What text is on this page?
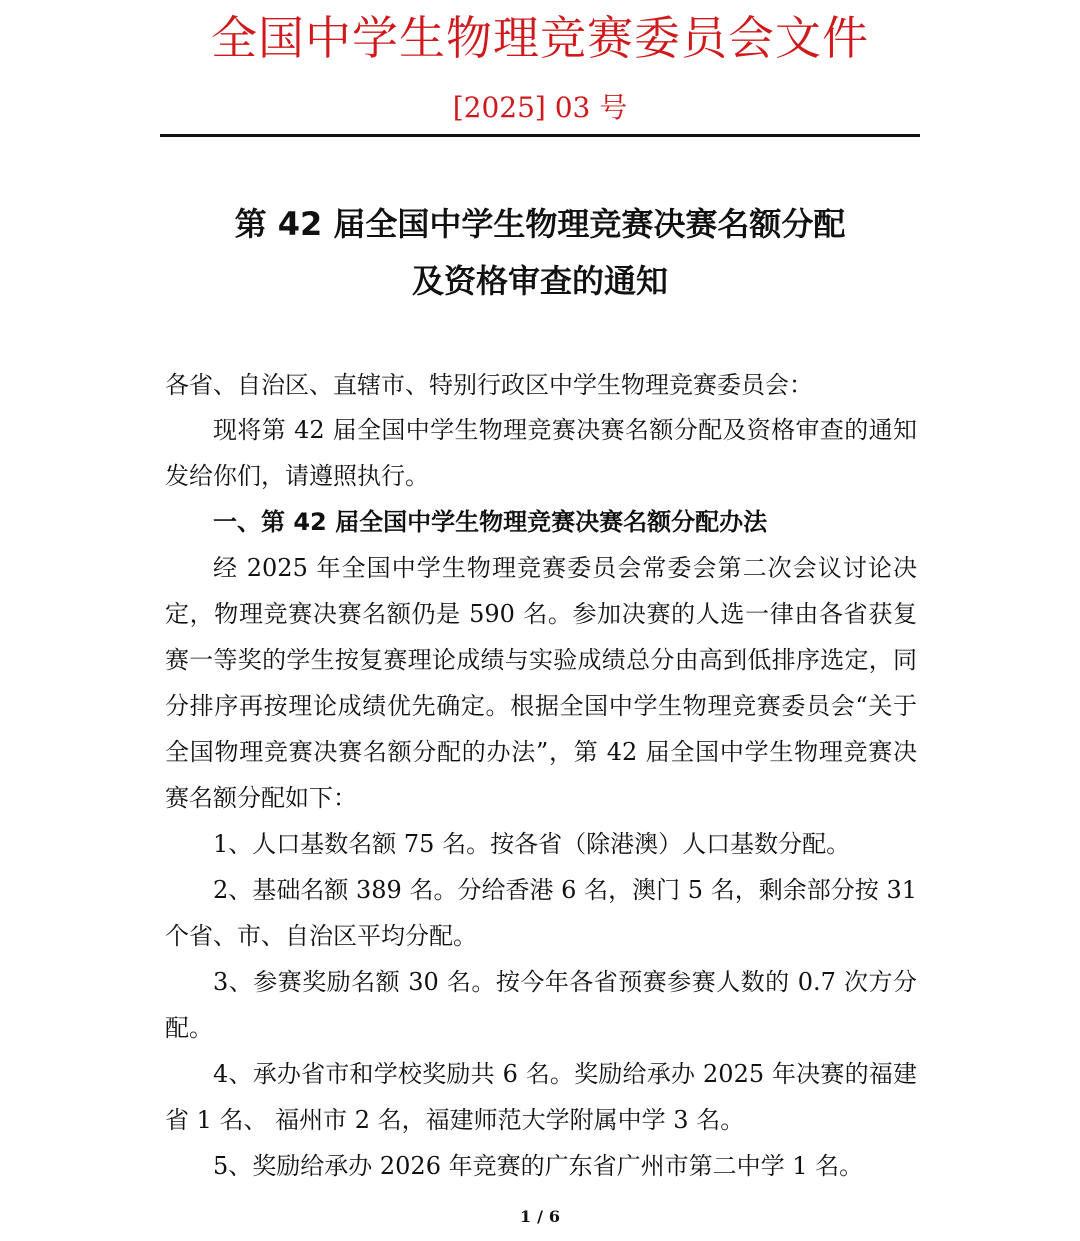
全国中学生物理竞赛委员会文件
[2025] 03 号
第 42 届全国中学生物理竞赛决赛名额分配
及资格审查的通知
各省、自治区、直辖市、特别行政区中学生物理竞赛委员会：

现将第 42 届全国中学生物理竞赛决赛名额分配及资格审查的通知发给你们，请遵照执行。

一、第 42 届全国中学生物理竞赛决赛名额分配办法

经 2025 年全国中学生物理竞赛委员会常委会第二次会议讨论决定，物理竞赛决赛名额仍是 590 名。参加决赛的人选一律由各省获复赛一等奖的学生按复赛理论成绩与实验成绩总分由高到低排序选定，同分排序再按理论成绩优先确定。根据全国中学生物理竞赛委员会“关于全国物理竞赛决赛名额分配的办法”，第 42 届全国中学生物理竞赛决赛名额分配如下：

1、人口基数名额 75 名。按各省（除港澳）人口基数分配。

2、基础名额 389 名。分给香港 6 名，澳门 5 名，剩余部分按 31 个省、市、自治区平均分配。

3、参赛奖励名额 30 名。按今年各省预赛参赛人数的 0.7 次方分配。

4、承办省市和学校奖励共 6 名。奖励给承办 2025 年决赛的福建省 1 名、 福州市 2 名，福建师范大学附属中学 3 名。

5、奖励给承办 2026 年竞赛的广东省广州市第二中学 1 名。

1 / 6
